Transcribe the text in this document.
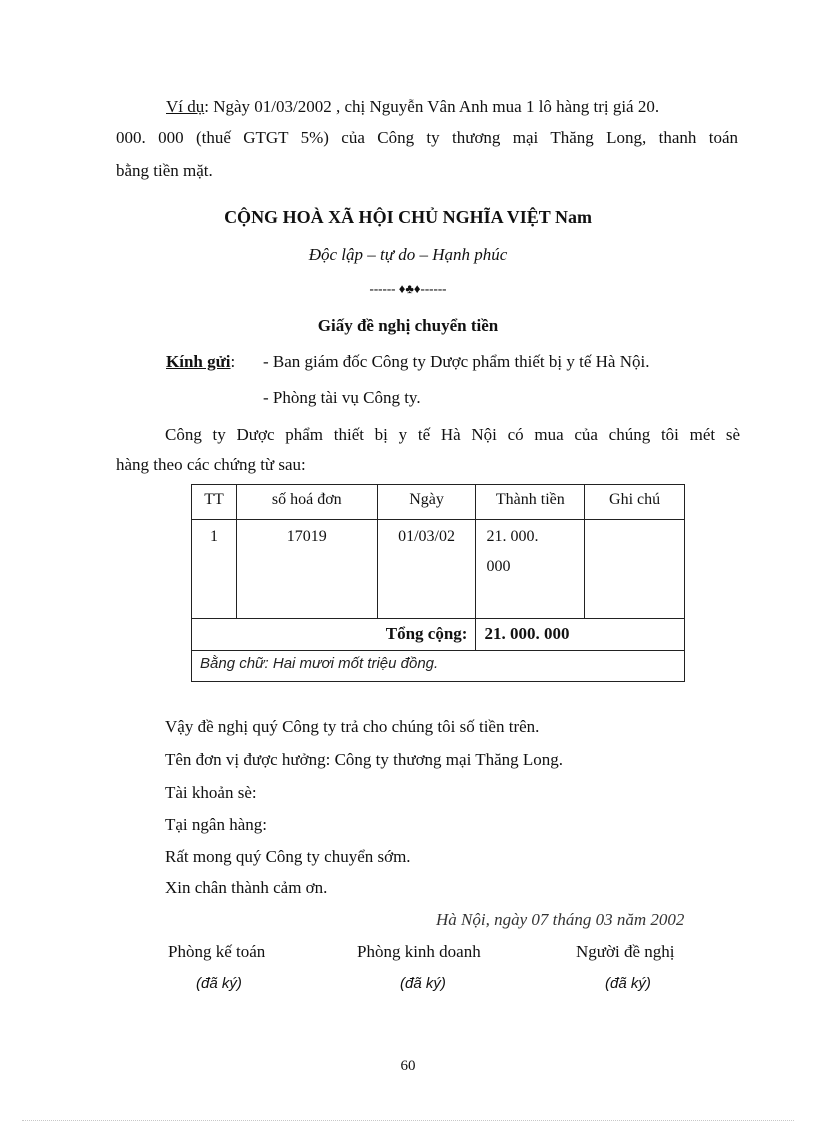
Ví dụ: Ngày 01/03/2002 , chị Nguyễn Vân Anh mua 1 lô hàng trị giá 20.
000. 000 (thuế GTGT 5%) của Công ty thương mại Thăng Long, thanh toán
bằng tiền mặt.
CỘNG HOÀ XÃ HỘI CHỦ NGHĨA VIỆT Nam
Độc lập – tự do – Hạnh phúc
------ ♦♣♦------
Giấy đề nghị chuyển tiền
Kính gửi: - Ban giám đốc Công ty Dược phẩm thiết bị y tế Hà Nội.
- Phòng tài vụ Công ty.
Công ty Dược phẩm thiết bị y tế Hà Nội có mua của chúng tôi mét sè
hàng theo các chứng từ sau:
TT	số hoá đơn	Ngày	Thành tiền	Ghi chú
1	17019	01/03/02	21. 000.
000	

Tổng cộng:			21. 000. 000	
Bằng chữ: Hai mươi mốt triệu đồng.				
Vậy đề nghị quý Công ty trả cho chúng tôi số tiền trên.
Tên đơn vị được hưởng: Công ty thương mại Thăng Long.
Tài khoản sè:
Tại ngân hàng:
Rất mong quý Công ty chuyển sớm.
Xin chân thành cảm ơn.
Hà Nội, ngày 07 tháng 03 năm 2002
Phòng kế toán	Phòng kinh doanh	Người đề nghị
(đã ký)	(đã ký)	(đã ký)
60
